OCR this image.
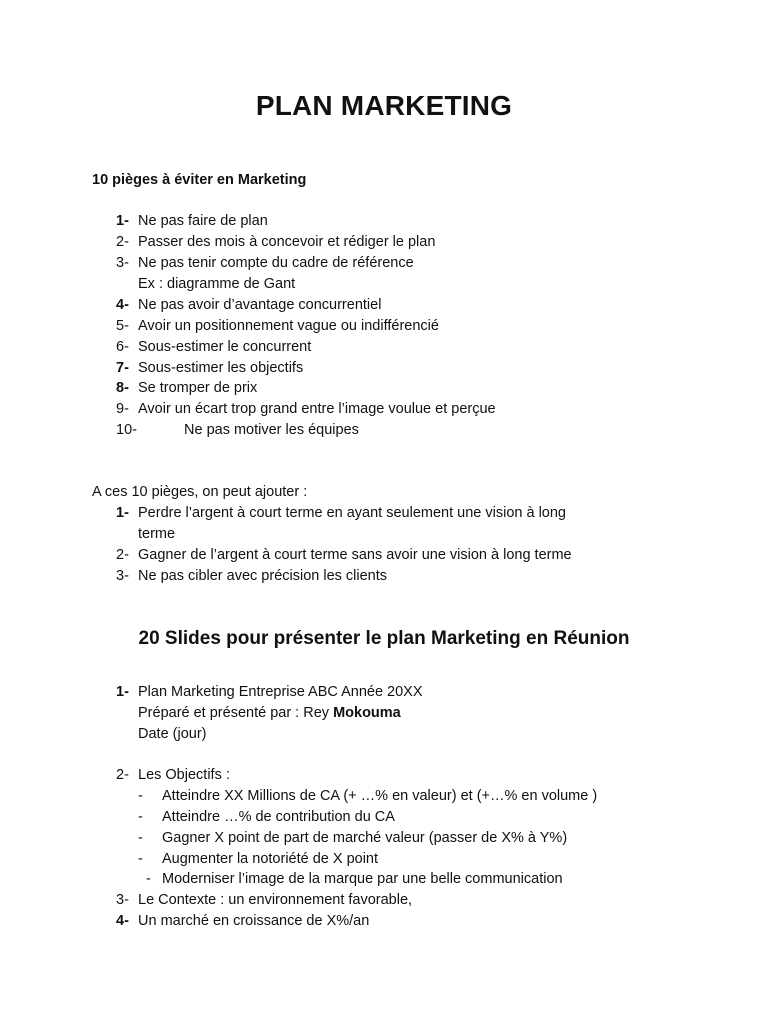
PLAN MARKETING
10 pièges à éviter en Marketing
1- Ne pas faire de plan
2- Passer des mois à concevoir et rédiger le plan
3- Ne pas tenir compte du cadre de référence
Ex : diagramme de Gant
4- Ne pas avoir d’avantage concurrentiel
5- Avoir un positionnement vague ou indifférencié
6- Sous-estimer le concurrent
7- Sous-estimer les objectifs
8- Se tromper de prix
9- Avoir un écart trop grand entre l’image voulue et perçue
10-	Ne pas motiver les équipes
A ces 10 pièges, on peut ajouter :
1- Perdre l’argent à court terme en ayant seulement une vision à long
terme
2- Gagner de l’argent à court terme sans avoir une vision à long terme
3- Ne pas cibler avec précision les clients
20 Slides pour présenter le plan Marketing en Réunion
1- Plan Marketing Entreprise ABC Année 20XX
Préparé et présenté par : Rey Mokouma
Date (jour)
2- Les Objectifs :
- Atteindre XX Millions de CA (+ …% en valeur) et (+…% en volume )
- Atteindre …% de contribution du CA
- Gagner X point de part de marché valeur (passer de X% à Y%)
- Augmenter la notoriété de X point
- Moderniser l’image de la marque par une belle communication
3- Le Contexte : un environnement favorable,
4- Un marché en croissance de X%/an
